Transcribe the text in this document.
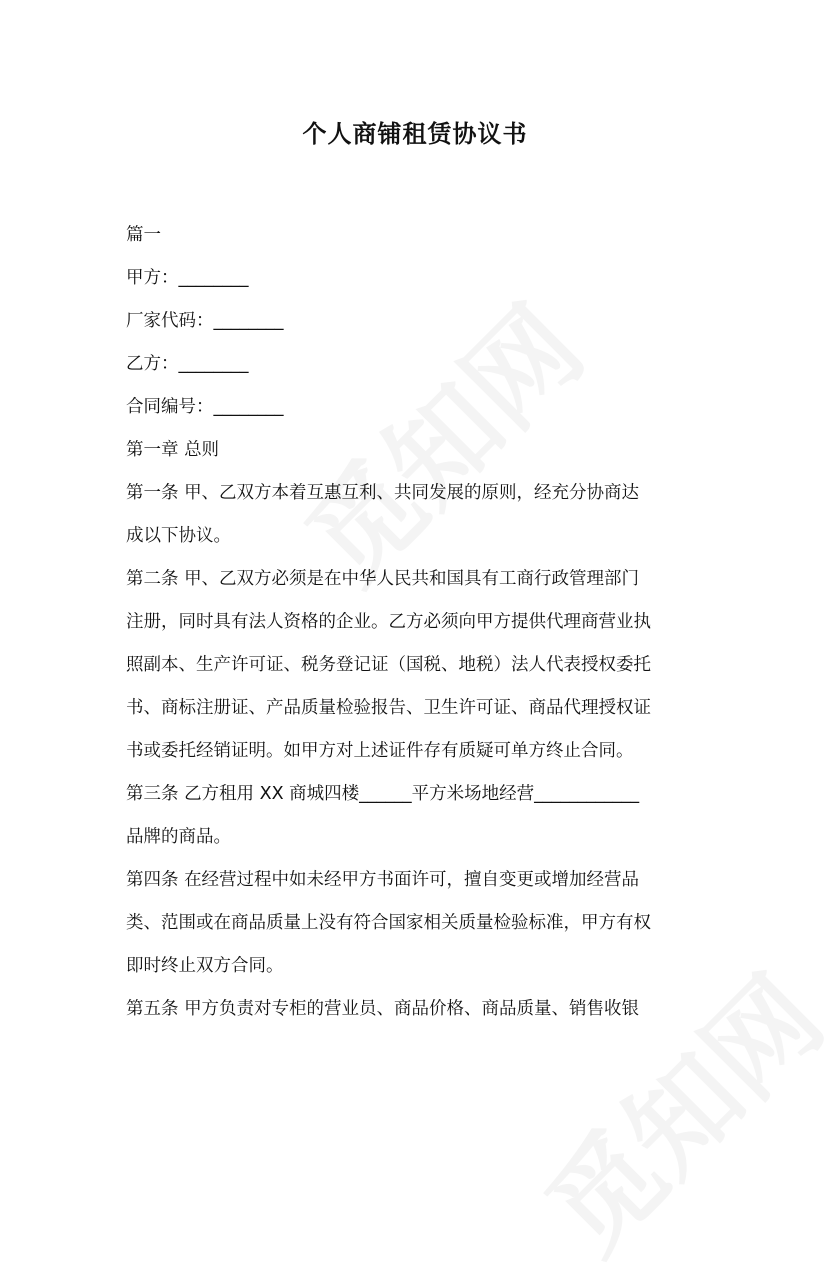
个人商铺租赁协议书
篇一
甲方：________
厂家代码：________
乙方：________
合同编号：________
第一章 总则
第一条 甲、乙双方本着互惠互利、共同发展的原则，经充分协商达
成以下协议。
第二条 甲、乙双方必须是在中华人民共和国具有工商行政管理部门
注册，同时具有法人资格的企业。乙方必须向甲方提供代理商营业执
照副本、生产许可证、税务登记证（国税、地税）法人代表授权委托
书、商标注册证、产品质量检验报告、卫生许可证、商品代理授权证
书或委托经销证明。如甲方对上述证件存有质疑可单方终止合同。
第三条 乙方租用 XX 商城四楼______平方米场地经营____________
品牌的商品。
第四条 在经营过程中如未经甲方书面许可，擅自变更或增加经营品
类、范围或在商品质量上没有符合国家相关质量检验标准，甲方有权
即时终止双方合同。
第五条 甲方负责对专柜的营业员、商品价格、商品质量、销售收银
